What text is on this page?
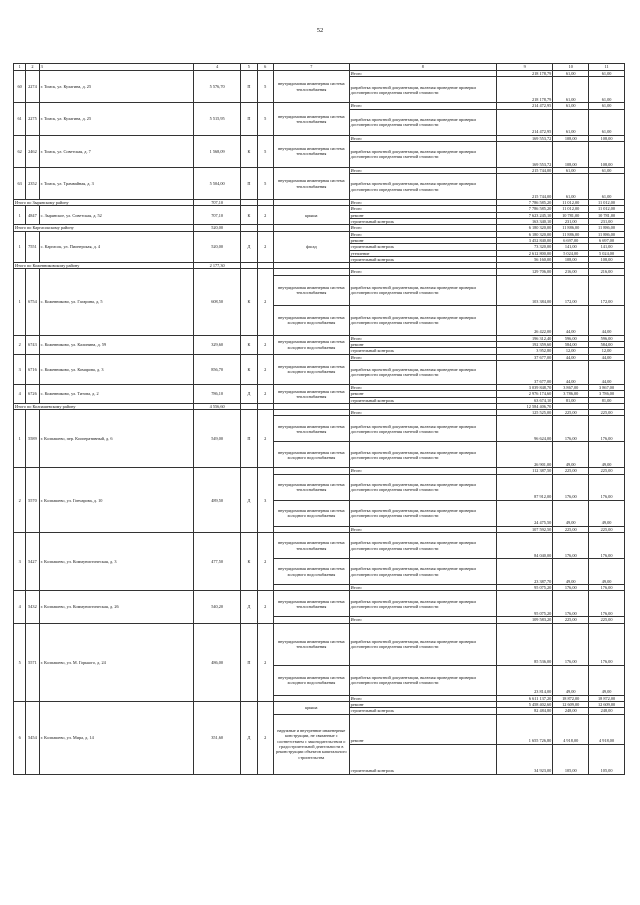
52
1	2	3	4	5	6	7	8	9	10	11
60	2274	г. Томск, ул. Кулагина, д. 25	5 576,70	П	5	внутридомовая инженерная система теплоснабжения	Итого	218 178,79	61,00	61,00
							разработка проектной документации, включая проведение проверки достоверности определения сметной стоимости	218 178,79	61,00	61,00
61	2275	г. Томск, ул. Кулагина, д. 25	5 515,95	П	5	внутридомовая инженерная система теплоснабжения	Итого	214 472,95	61,00	61,00
							разработка проектной документации, включая проведение проверки достоверности определения сметной стоимости	214 472,95	61,00	61,00
62	2462	г. Томск, ул. Советская, д. 7	1 568,09	К	5	внутридомовая инженерная система теплоснабжения	Итого	169 553,72	108,00	108,00
							разработка проектной документации, включая проведение проверки достоверности определения сметной стоимости	169 553,72	108,00	108,00
63	2352	г. Томск, ул. Трамвайная, д. 3	5 504,00	П	5	внутридомовая инженерная система теплоснабжения	Итого	215 744,00	61,00	61,00
							разработка проектной документации, включая проведение проверки достоверности определения сметной стоимости	215 744,00	61,00	61,00
Итого по Зырянскому району			707,10				Итого	7 786 585,20	11 012,00	11 012,00
1	4847	с. Зырянское, ул. Советская, д. 52	707,10	К	2	крыша	Итого	7 786 585,20	11 012,00	11 012,00
							ремонт	7 623 245,10	10 781,00	10 781,00
							строительный контроль	163 340,10	231,00	231,00
Итого по Каргасокскому району			520,00				Итого	6 180 320,00	11 886,00	11 886,00
1	7551	с. Каргасок, ул. Пионерская, д. 4	520,00	Д	2	фасад	Итого	6 180 320,00	11 886,00	11 886,00
							ремонт	3 452 840,00	6 697,00	6 697,00
							строительный контроль	73 320,00	141,00	141,00
							утепление	2 612 800,00	5 024,00	5 024,00
							строительный контроль	56 160,00	108,00	108,00
Итого по Кожевниковскому району			2 177,30							
1	6754	с. Кожевниково, ул. Гагарина, д. 5	608,50	К	2		Итого	129 706,00	216,00	216,00
						внутридомовая инженерная система теплоснабжения	разработка проектной документации, включая проведение проверки достоверности определения сметной стоимости	103 384,00	172,00	172,00
						внутридомовая инженерная система холодного водоснабжения	разработка проектной документации, включая проведение проверки достоверности определения сметной стоимости	26 422,00	44,00	44,00
2	6743	с. Кожевниково, ул. Калинина, д. 59	329,60	К	2	внутридомовая инженерная система холодного водоснабжения	Итого	196 312,40	596,00	596,00
							ремонт	192 359,60	584,00	584,00
							строительный контроль	3 952,80	12,00	12,00
3	6716	с. Кожевниково, ул. Комарова, д. 3	856,70	К	2	внутридомовая инженерная система холодного водоснабжения	Итого	37 677,00	44,00	44,00
							разработка проектной документации, включая проведение проверки достоверности определения сметной стоимости	37 677,00	44,00	44,00
4	6726	с. Кожевниково, ул. Титова, д. 2	786,10	Д	2	внутридомовая инженерная система теплоснабжения	Итого	3 039 848,70	3 867,00	3 867,00
							ремонт	2 976 174,60	3 786,00	3 786,00
							строительный контроль	63 674,10	81,00	81,00
Итого по Колпашевскому району			4 556,60					12 584 406,70		
1	5589	г. Колпашево, пер. Кооперативный, д. 6	549,00	П	2		Итого	125 525,00	225,00	225,00
						внутридомовая инженерная система теплоснабжения	разработка проектной документации, включая проведение проверки достоверности определения сметной стоимости	96 624,00	176,00	176,00
						внутридомовая инженерная система холодного водоснабжения	разработка проектной документации, включая проведение проверки достоверности определения сметной стоимости	26 901,00	49,00	49,00
2	5570	г. Колпашево, ул. Гончарова, д. 10	489,50	Д	3		Итого	112 387,50	225,00	225,00
						внутридомовая инженерная система теплоснабжения	разработка проектной документации, включая проведение проверки достоверности определения сметной стоимости	87 912,00	176,00	176,00
						внутридомовая инженерная система холодного водоснабжения	разработка проектной документации, включая проведение проверки достоверности определения сметной стоимости	24 475,50	49,00	49,00
							Итого	107 592,50	225,00	225,00
3	5427	г. Колпашево, ул. Коммунистическая, д. 3	477,50	К	2	внутридомовая инженерная система теплоснабжения	разработка проектной документации, включая проведение проверки достоверности определения сметной стоимости	84 040,00	176,00	176,00
						внутридомовая инженерная система холодного водоснабжения	разработка проектной документации, включая проведение проверки достоверности определения сметной стоимости	23 387,70	49,00	49,00
							Итого	95 075,20	176,00	176,00
4	5432	г. Колпашево, ул. Коммунистическая, д. 26	540,20	Д	2	внутридомовая инженерная система теплоснабжения	разработка проектной документации, включая проведение проверки достоверности определения сметной стоимости	95 075,20	176,00	176,00
							Итого	109 583,20	225,00	225,00
5	5571	г. Колпашево, ул. М. Горького, д. 24	486,00	П	2	внутридомовая инженерная система теплоснабжения	разработка проектной документации, включая проведение проверки достоверности определения сметной стоимости	85 536,00	176,00	176,00
						внутридомовая инженерная система холодного водоснабжения	разработка проектной документации, включая проведение проверки достоверности определения сметной стоимости	23 814,00	49,00	49,00
							Итого	6 611 137,20	18 872,00	18 872,00
6	5454	г. Колпашево, ул. Мира, д. 14	351,60	Д	2	крыша	ремонт	5 458 402,60	12 609,00	12 609,00
							строительный контроль	82 484,80	248,00	248,00
						наружные и внутренние инженерные конструкции, не связанные с соответствием с законодательством о градостроительной деятельности в реконструкции объектов капитального строительства	ремонт	1 655 726,80	4 918,00	4 918,00
							строительный контроль	34 923,00	105,00	105,00
